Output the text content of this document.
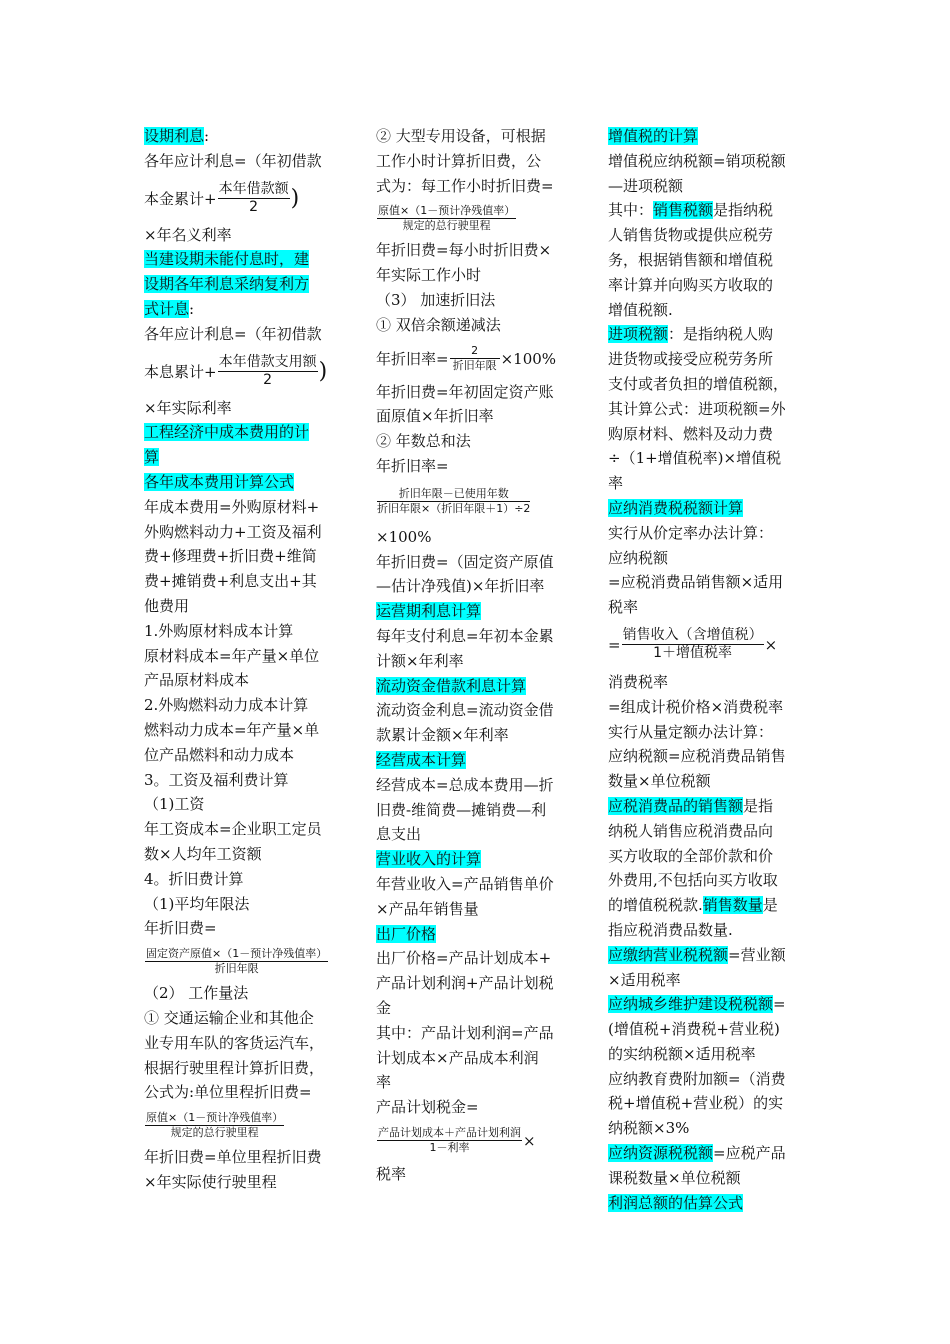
设期利息:
各年应计利息=（年初借款
本金累计+ $\frac{\text{本年借款额}}{2}$ )
×年名义利率
当建设期未能付息时，建
设期各年利息采纳复利方
式计息:
各年应计利息=（年初借款
本息累计+ $\frac{\text{本年借款支用额}}{2}$ )
×年实际利率
工程经济中成本费用的计
算
各年成本费用计算公式
年成本费用=外购原材料+
外购燃料动力+工资及福利
费+修理费+折旧费+维简
费+摊销费+利息支出+其
他费用
1.外购原材料成本计算
原材料成本=年产量×单位
产品原材料成本
2.外购燃料动力成本计算
燃料动力成本=年产量×单
位产品燃料和动力成本
3。工资及福利费计算
（1)工资
年工资成本=企业职工定员
数×人均年工资额
4。折旧费计算
（1)平均年限法
年折旧费=
$\frac{\text{固定资产原值×（1－预计净残值率）}}{\text{折旧年限}}$
（2） 工作量法
① 交通运输企业和其他企
业专用车队的客货运汽车，
根据行驶里程计算折旧费，
公式为:单位里程折旧费=
$\frac{\text{原值×（1－预计净残值率）}}{\text{规定的总行驶里程}}$
年折旧费=单位里程折旧费
×年实际使行驶里程
② 大型专用设备，可根据
工作小时计算折旧费，公
式为：每工作小时折旧费=
$\frac{\text{原值×（1－预计净残值率）}}{\text{规定的总行驶里程}}$
年折旧费=每小时折旧费×
年实际工作小时
（3） 加速折旧法
① 双倍余额递减法
年折旧率= $\frac{2}{\text{折旧年限}} \times 100\%$
年折旧费=年初固定资产账
面原值×年折旧率
② 年数总和法
年折旧率=
$\frac{\text{折旧年限－已使用年数}}{\text{折旧年限×（折旧年限＋1）÷2}}$
×100%
年折旧费=（固定资产原值
—估计净残值)×年折旧率
运营期利息计算
每年支付利息=年初本金累
计额×年利率
流动资金借款利息计算
流动资金利息=流动资金借
款累计金额×年利率
经营成本计算
经营成本=总成本费用—折
旧费-维简费—摊销费—利
息支出
营业收入的计算
年营业收入=产品销售单价
×产品年销售量
出厂价格
出厂价格=产品计划成本+
产品计划利润+产品计划税
金
其中：产品计划利润=产品
计划成本×产品成本利润
率
产品计划税金=
$\frac{\text{产品计划成本＋产品计划利润}}{\text{1－利率}}$ ×
税率
增值税的计算
增值税应纳税额=销项税额
—进项税额
其中：销售税额是指纳税
人销售货物或提供应税劳
务，根据销售额和增值税
率计算并向购买方收取的
增值税额.
进项税额：是指纳税人购
进货物或接受应税劳务所
支付或者负担的增值税额，
其计算公式：进项税额=外
购原材料、燃料及动力费
÷（1+增值税率)×增值税
率
应纳消费税税额计算
实行从价定率办法计算：
应纳税额
=应税消费品销售额×适用
税率
= $\frac{\text{销售收入（含增值税）}}{\text{1＋增值税率}}$ ×
消费税率
=组成计税价格×消费税率
实行从量定额办法计算：
应纳税额=应税消费品销售
数量×单位税额
应税消费品的销售额是指
纳税人销售应税消费品向
买方收取的全部价款和价
外费用,不包括向买方收取
的增值税税款.销售数量是
指应税消费品数量.
应缴纳营业税税额=营业额
×适用税率
应纳城乡维护建设税税额=
(增值税+消费税+营业税)
的实纳税额×适用税率
应纳教育费附加额=（消费
税+增值税+营业税）的实
纳税额×3%
应纳资源税税额=应税产品
课税数量×单位税额
利润总额的估算公式
